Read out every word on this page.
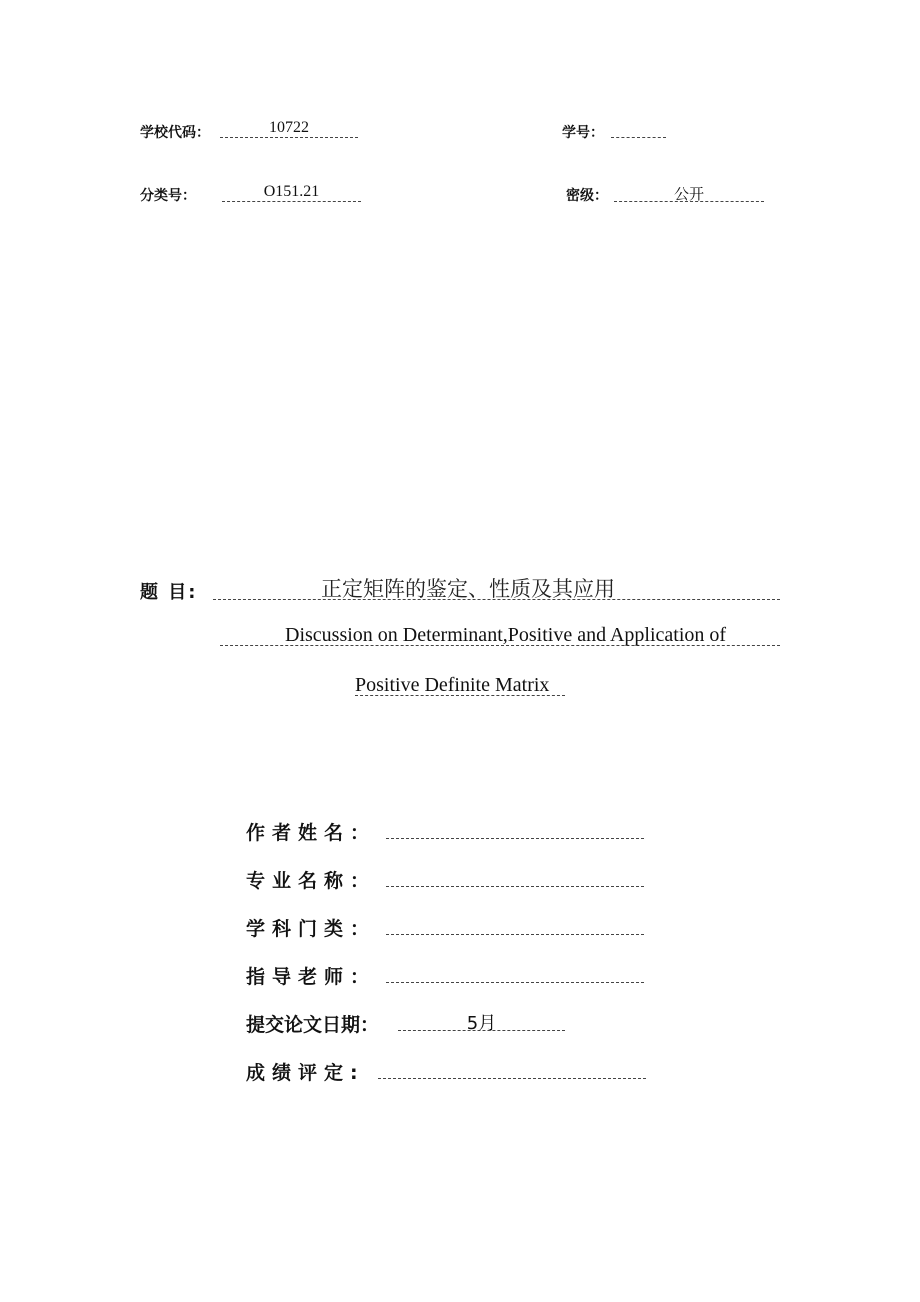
学校代码：	10722	学号：
分类号：	O151.21	密级：	公开
题 目:	正定矩阵的鉴定、性质及其应用
Discussion on Determinant,Positive and Application of
Positive Definite Matrix
作者姓名：
专业名称：
学科门类：
指导老师：
提交论文日期：	5月
成绩评定:
